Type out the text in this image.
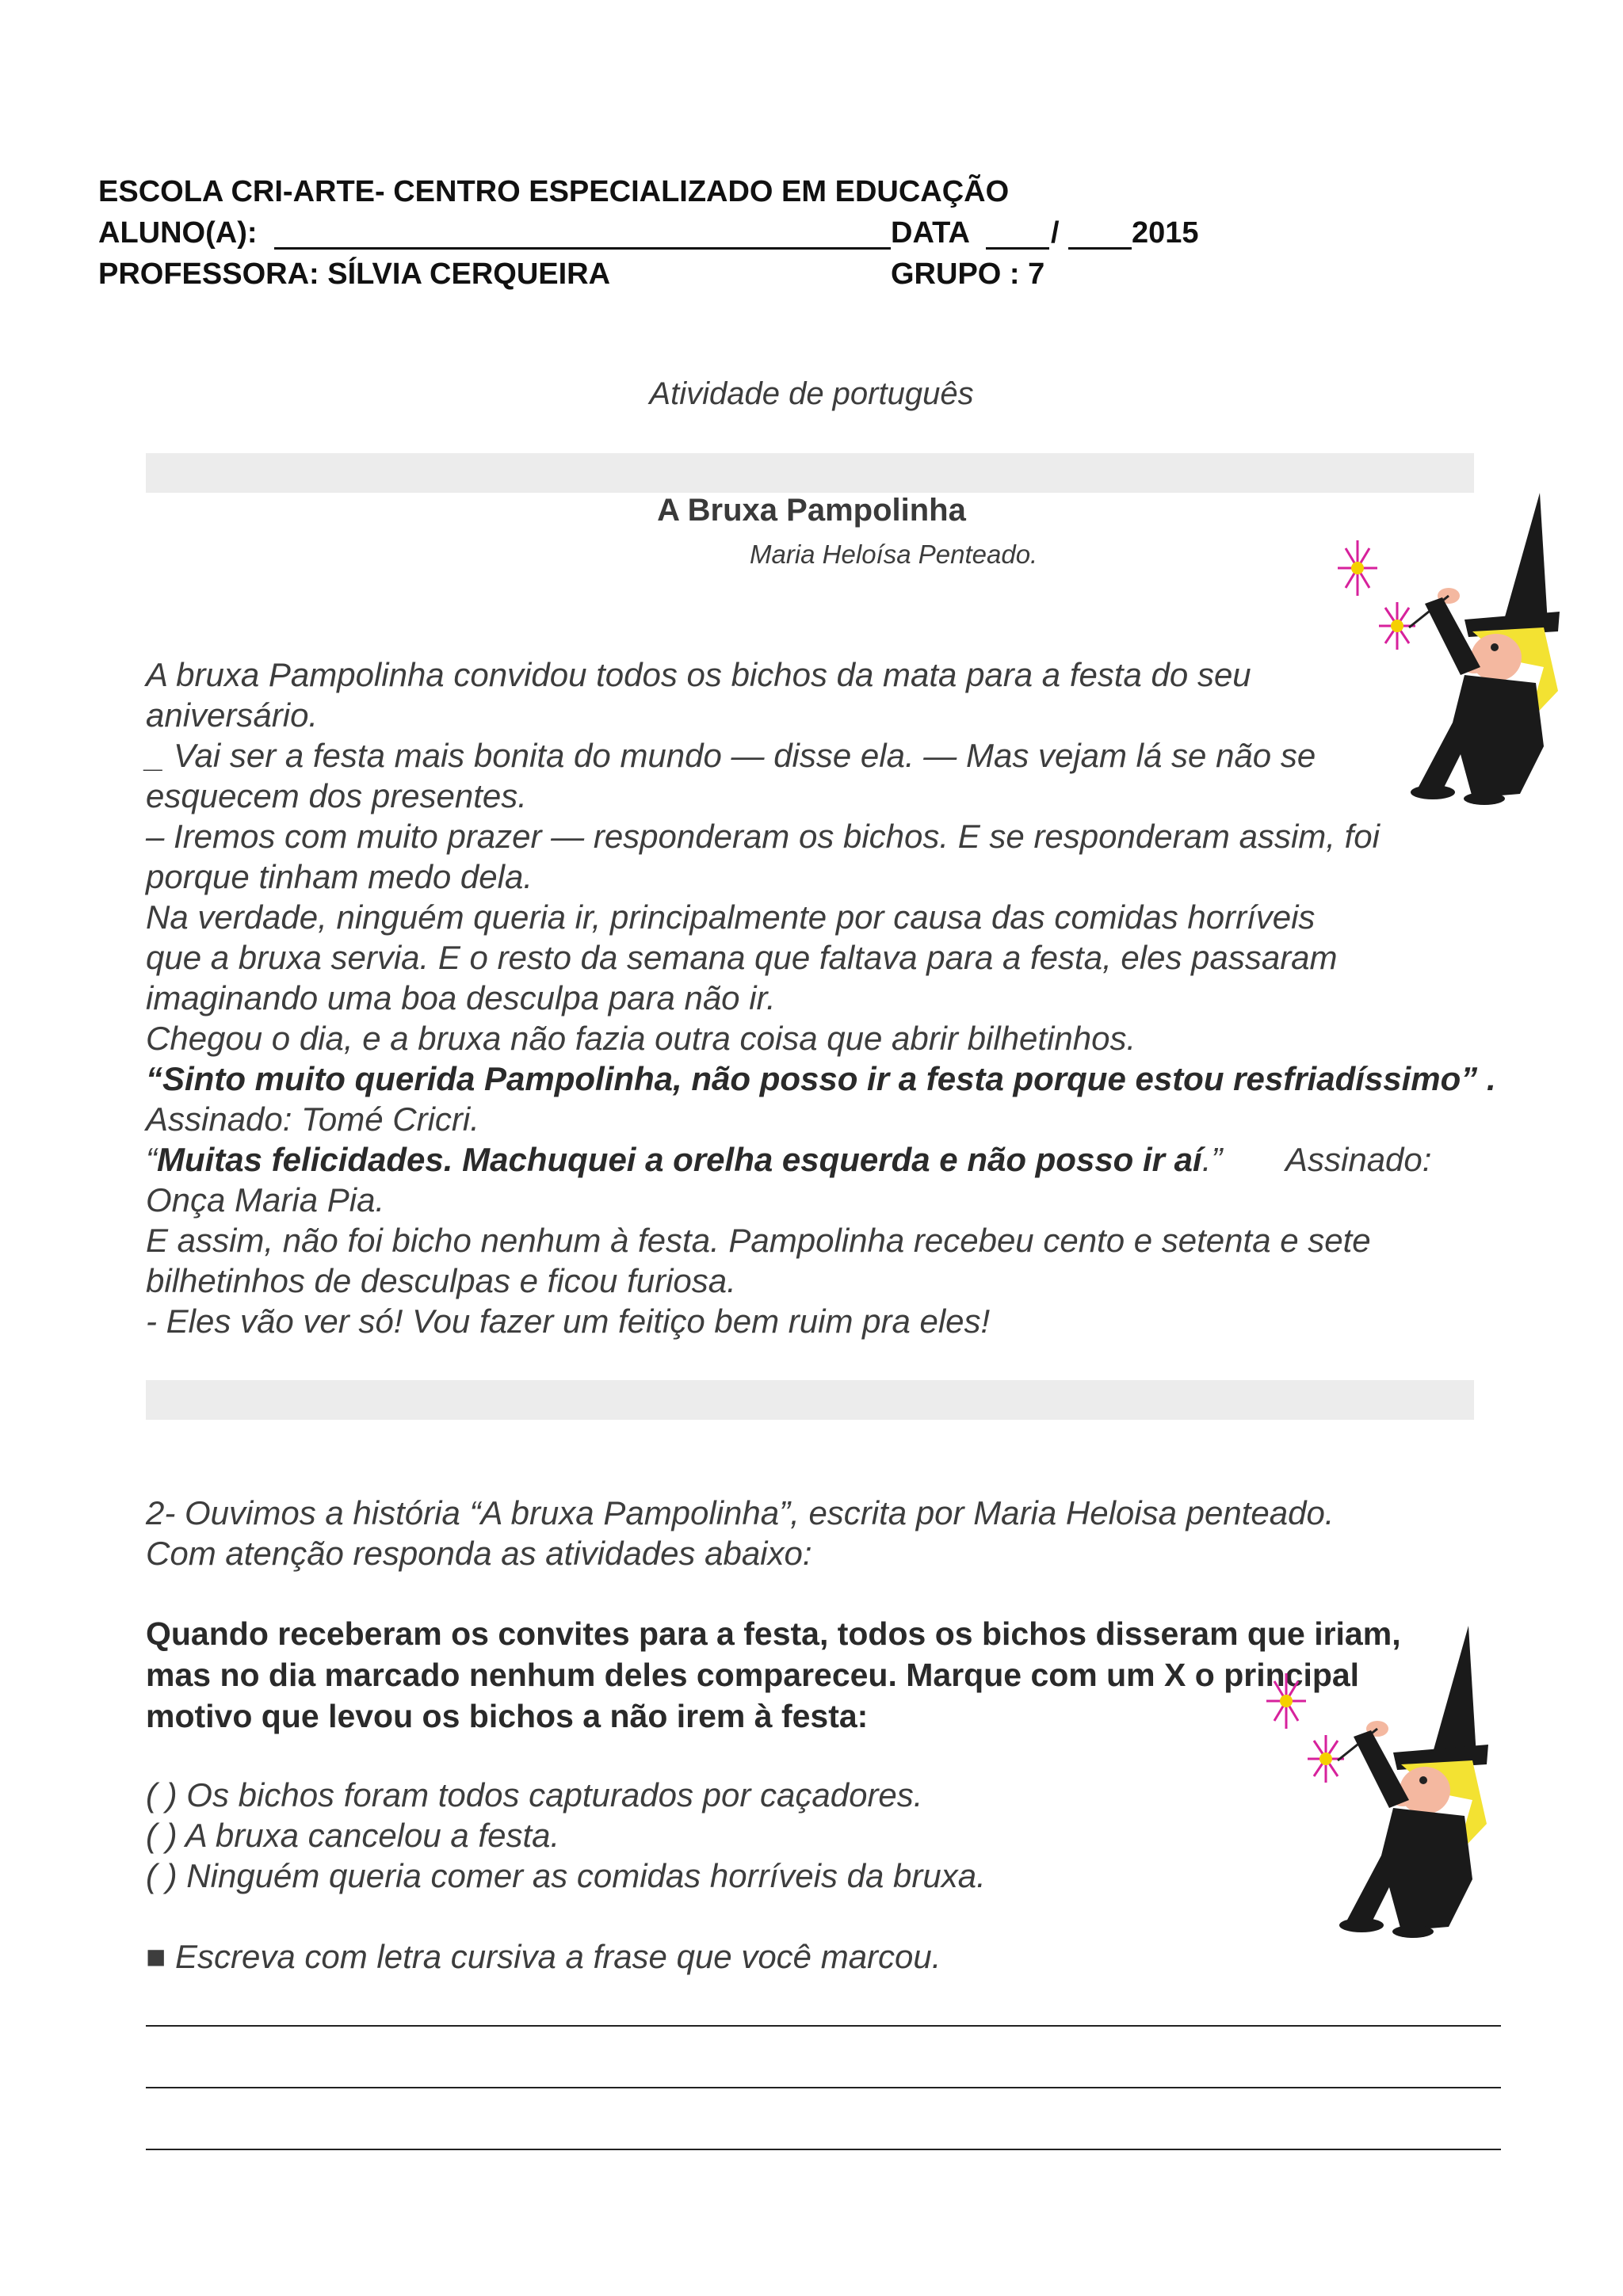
ESCOLA CRI-ARTE- CENTRO ESPECIALIZADO EM EDUCAÇÃO
ALUNO(A):	DATA	/ 2015
PROFESSORA: SÍLVIA CERQUEIRA	GRUPO : 7
Atividade de português
A Bruxa Pampolinha
Maria Heloísa Penteado.
A bruxa Pampolinha convidou todos os bichos da mata para a festa do seu
aniversário.
_ Vai ser a festa mais bonita do mundo — disse ela. — Mas vejam lá se não se
esquecem dos presentes.
– Iremos com muito prazer — responderam os bichos. E se responderam assim, foi
porque tinham medo dela.
Na verdade, ninguém queria ir, principalmente por causa das comidas horríveis
que a bruxa servia. E o resto da semana que faltava para a festa, eles passaram
imaginando uma boa desculpa para não ir.
Chegou o dia, e a bruxa não fazia outra coisa que abrir bilhetinhos.
“Sinto muito querida Pampolinha, não posso ir a festa porque estou resfriadíssimo” .
Assinado: Tomé Cricri.
“Muitas felicidades. Machuquei a orelha esquerda e não posso ir aí.” Assinado:
Onça Maria Pia.
E assim, não foi bicho nenhum à festa. Pampolinha recebeu cento e setenta e sete
bilhetinhos de desculpas e ficou furiosa.
- Eles vão ver só! Vou fazer um feitiço bem ruim pra eles!
2- Ouvimos a história “A bruxa Pampolinha”, escrita por Maria Heloisa penteado.
Com atenção responda as atividades abaixo:
Quando receberam os convites para a festa, todos os bichos disseram que iriam,
mas no dia marcado nenhum deles compareceu. Marque com um X o principal
motivo que levou os bichos a não irem à festa:
( ) Os bichos foram todos capturados por caçadores.
( ) A bruxa cancelou a festa.
( ) Ninguém queria comer as comidas horríveis da bruxa.
■ Escreva com letra cursiva a frase que você marcou.
